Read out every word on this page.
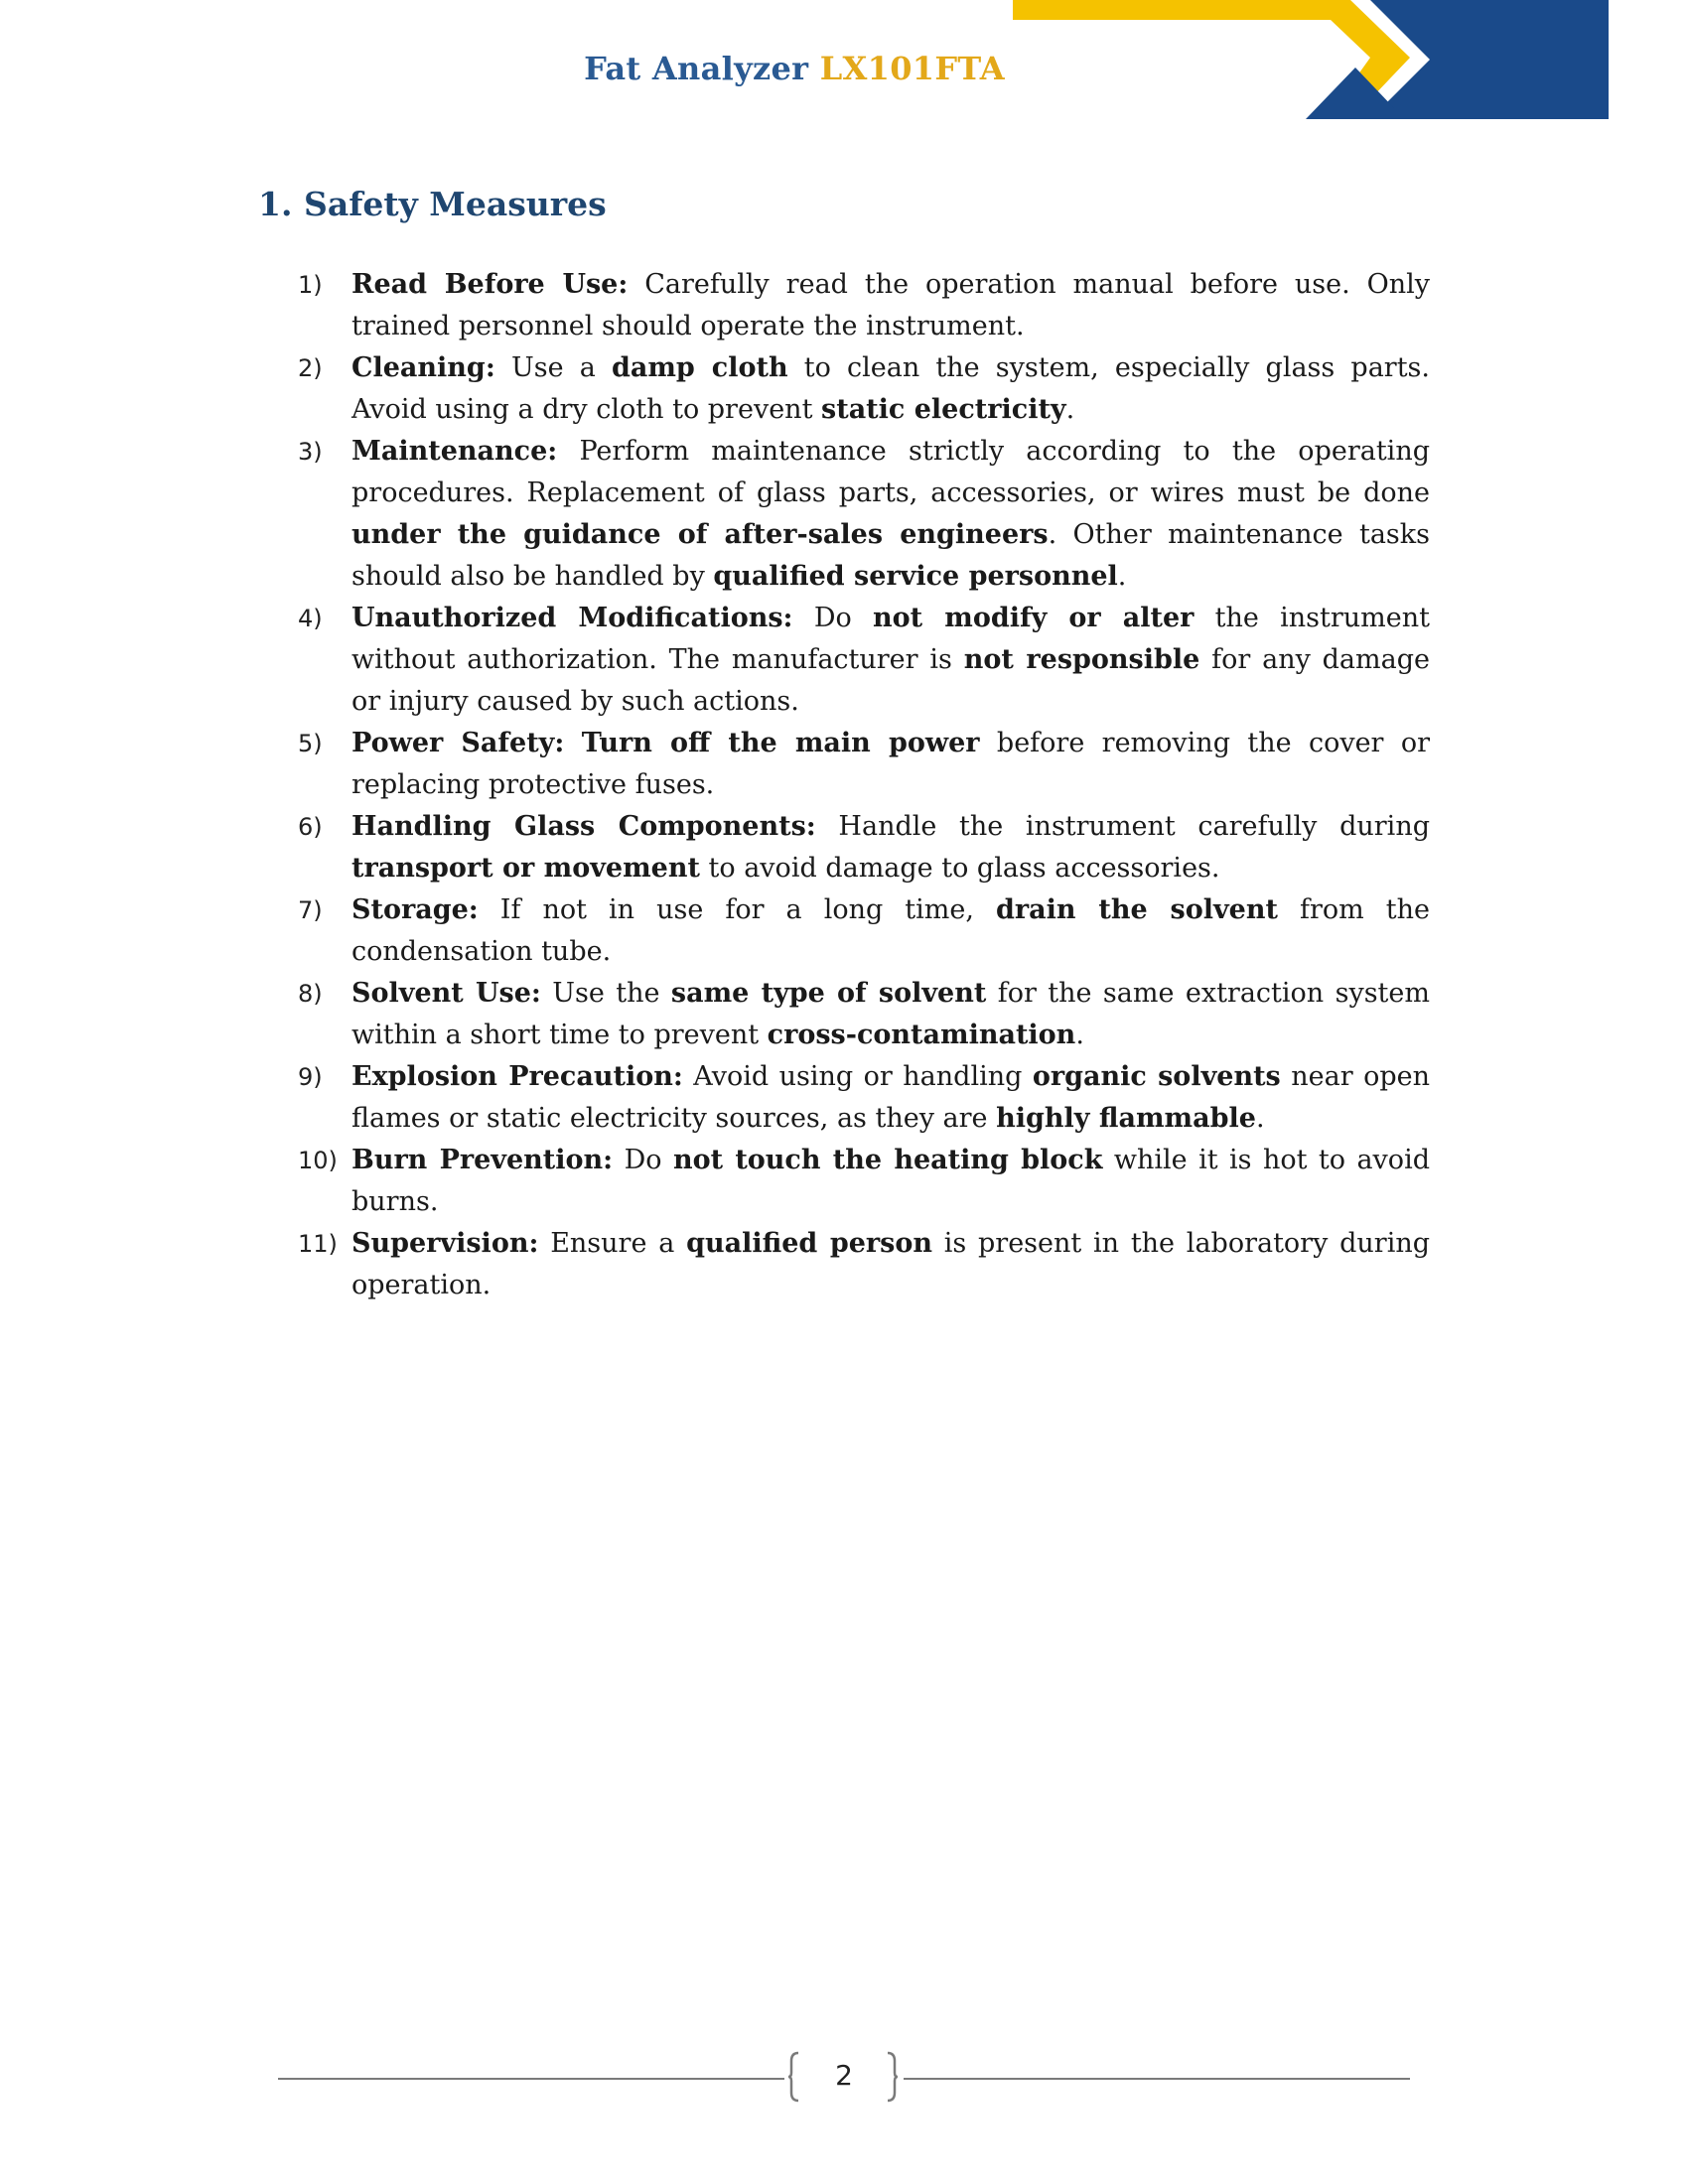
Fat Analyzer LX101FTA
1. Safety Measures
1)	Read Before Use: Carefully read the operation manual before use. Only trained personnel should operate the instrument.
2)	Cleaning: Use a damp cloth to clean the system, especially glass parts. Avoid using a dry cloth to prevent static electricity.
3)	Maintenance: Perform maintenance strictly according to the operating procedures. Replacement of glass parts, accessories, or wires must be done under the guidance of after-sales engineers. Other maintenance tasks should also be handled by qualified service personnel.
4)	Unauthorized Modifications: Do not modify or alter the instrument without authorization. The manufacturer is not responsible for any damage or injury caused by such actions.
5)	Power Safety: Turn off the main power before removing the cover or replacing protective fuses.
6)	Handling Glass Components: Handle the instrument carefully during transport or movement to avoid damage to glass accessories.
7)	Storage: If not in use for a long time, drain the solvent from the condensation tube.
8)	Solvent Use: Use the same type of solvent for the same extraction system within a short time to prevent cross-contamination.
9)	Explosion Precaution: Avoid using or handling organic solvents near open flames or static electricity sources, as they are highly flammable.
10) Burn Prevention: Do not touch the heating block while it is hot to avoid burns.
11) Supervision: Ensure a qualified person is present in the laboratory during operation.
2
